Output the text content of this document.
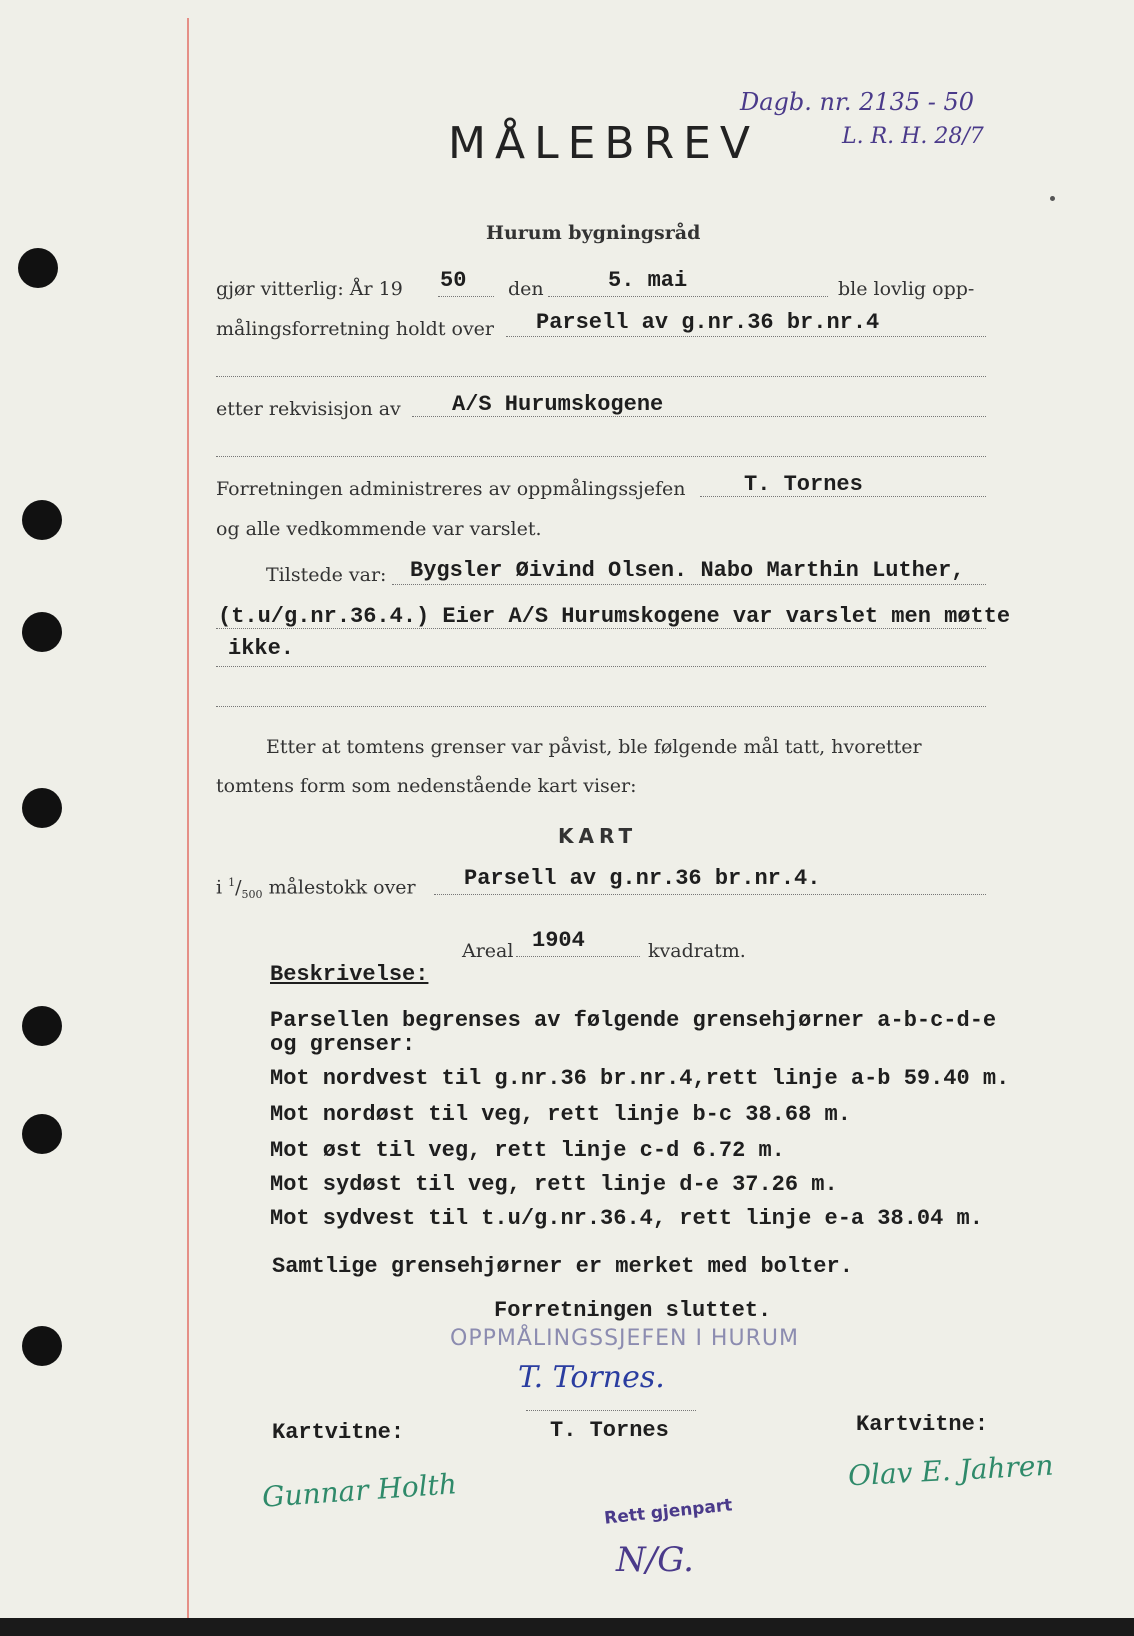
MÅLEBREV
Dagb. nr. 2135 - 50
L. R. H. 28/7
Hurum bygningsråd
gjør vitterlig: År 19 50 den	5. mai	ble lovlig opp-
målingsforretning holdt over Parsell av g.nr.36 br.nr.4
etter rekvisisjon av A/S Hurumskogene
Forretningen administreres av oppmålingssjefen	T. Tornes
og alle vedkommende var varslet.
Tilstede var: Bygsler Øivind Olsen. Nabo Marthin Luther,
(t.u/g.nr.36.4.) Eier A/S Hurumskogene var varslet men møtte
ikke.
Etter at tomtens grenser var påvist, ble følgende mål tatt, hvoretter
tomtens form som nedenstående kart viser:
KART
i $^1/_{500}$ målestokk over Parsell av g.nr.36 br.nr.4.
Areal 1904	kvadratm.
Beskrivelse:
Parsellen begrenses av følgende grensehjørner a-b-c-d-e
og grenser:
Mot nordvest til g.nr.36 br.nr.4,rett linje a-b 59.40 m.
Mot nordøst til veg, rett linje b-c 38.68 m.
Mot øst til veg, rett linje c-d 6.72 m.
Mot sydøst til veg, rett linje d-e 37.26 m.
Mot sydvest til t.u/g.nr.36.4, rett linje e-a 38.04 m.
Samtlige grensehjørner er merket med bolter.
Forretningen sluttet.
OPPMÅLINGSSJEFEN I HURUM
T. Tornes.
Kartvitne:	T. Tornes	Kartvitne:
Gunnar Holth	Olav E. Jahren
Rett gjenpart
N/G.
